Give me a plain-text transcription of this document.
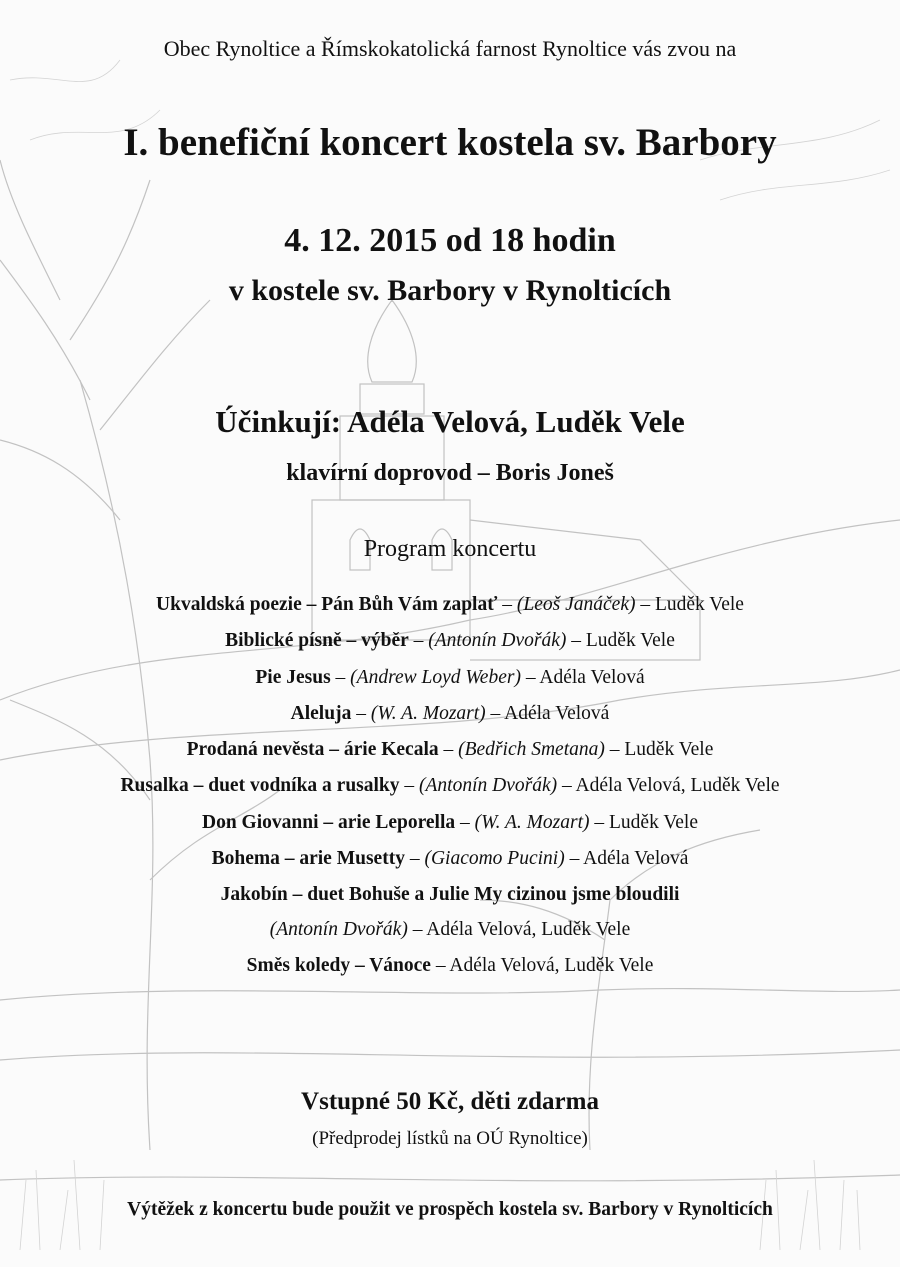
Obec Rynoltice a Římskokatolická farnost Rynoltice vás zvou na
I. benefiční koncert kostela sv. Barbory
4. 12. 2015 od 18 hodin
v kostele sv. Barbory v Rynolticích
Účinkují: Adéla Velová, Luděk Vele
klavírní doprovod – Boris Joneš
Program koncertu
Ukvaldská poezie – Pán Bůh Vám zaplať – (Leoš Janáček) – Luděk Vele
Biblické písně – výběr – (Antonín Dvořák) – Luděk Vele
Pie Jesus – (Andrew Loyd Weber) – Adéla Velová
Aleluja – (W. A. Mozart) – Adéla Velová
Prodaná nevěsta – árie Kecala – (Bedřich Smetana) – Luděk Vele
Rusalka – duet vodníka a rusalky – (Antonín Dvořák) – Adéla Velová, Luděk Vele
Don Giovanni – arie Leporella – (W. A. Mozart) – Luděk Vele
Bohema – arie Musetty – (Giacomo Pucini) – Adéla Velová
Jakobín – duet Bohuše a Julie My cizinou jsme bloudili
(Antonín Dvořák) – Adéla Velová, Luděk Vele
Směs koledy – Vánoce – Adéla Velová, Luděk Vele
Vstupné 50 Kč, děti zdarma
(Předprodej lístků na OÚ Rynoltice)
Výtěžek z koncertu bude použit ve prospěch kostela sv. Barbory v Rynolticích
